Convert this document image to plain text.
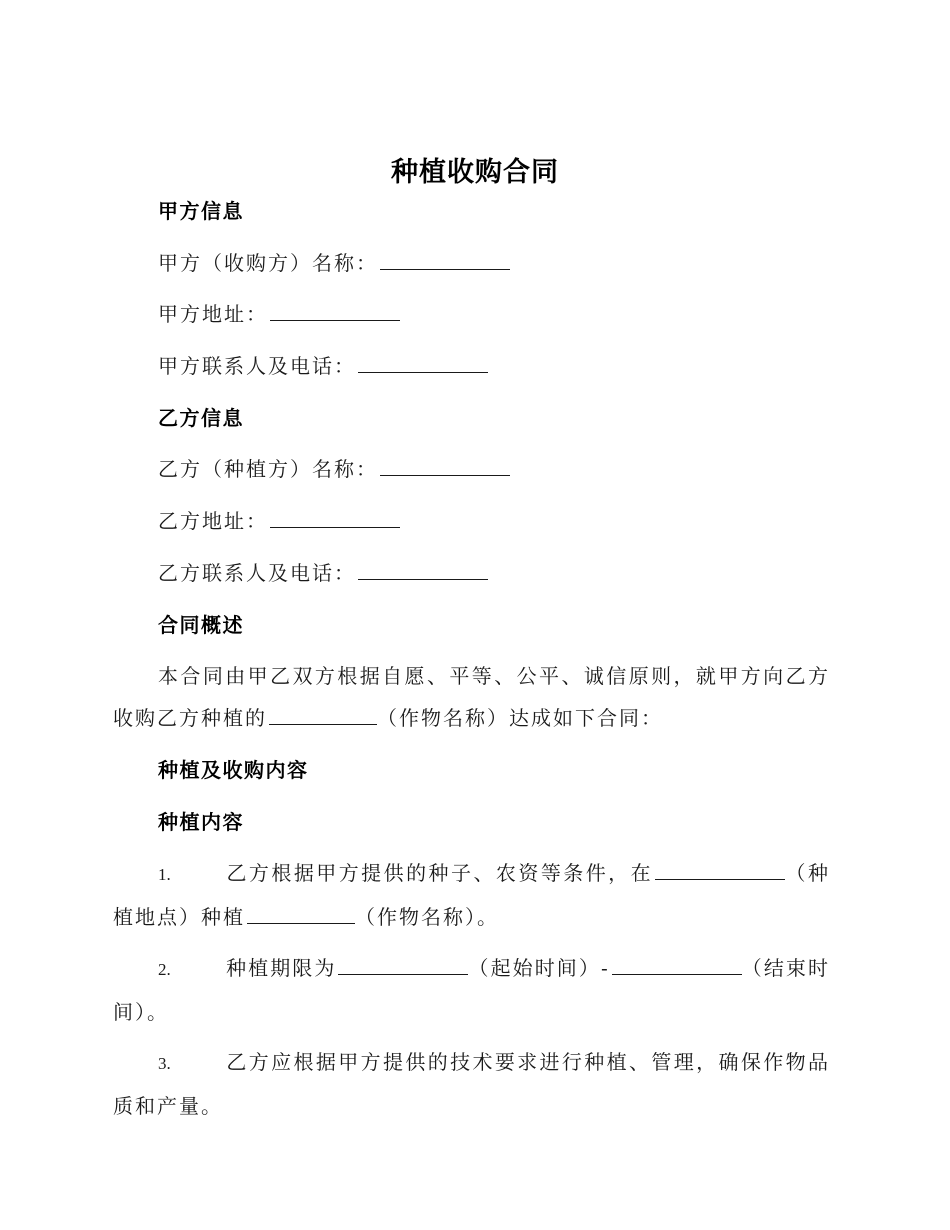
种植收购合同
甲方信息
甲方（收购方）名称：
甲方地址：
甲方联系人及电话：
乙方信息
乙方（种植方）名称：
乙方地址：
乙方联系人及电话：
合同概述
本合同由甲乙双方根据自愿、平等、公平、诚信原则，就甲方向乙方收购乙方种植的	（作物名称）达成如下合同：
种植及收购内容
种植内容
1.	乙方根据甲方提供的种子、农资等条件，在	（种植地点）种植	（作物名称）。
2.	种植期限为	（起始时间）-	（结束时间）。
3.	乙方应根据甲方提供的技术要求进行种植、管理，确保作物品质和产量。
